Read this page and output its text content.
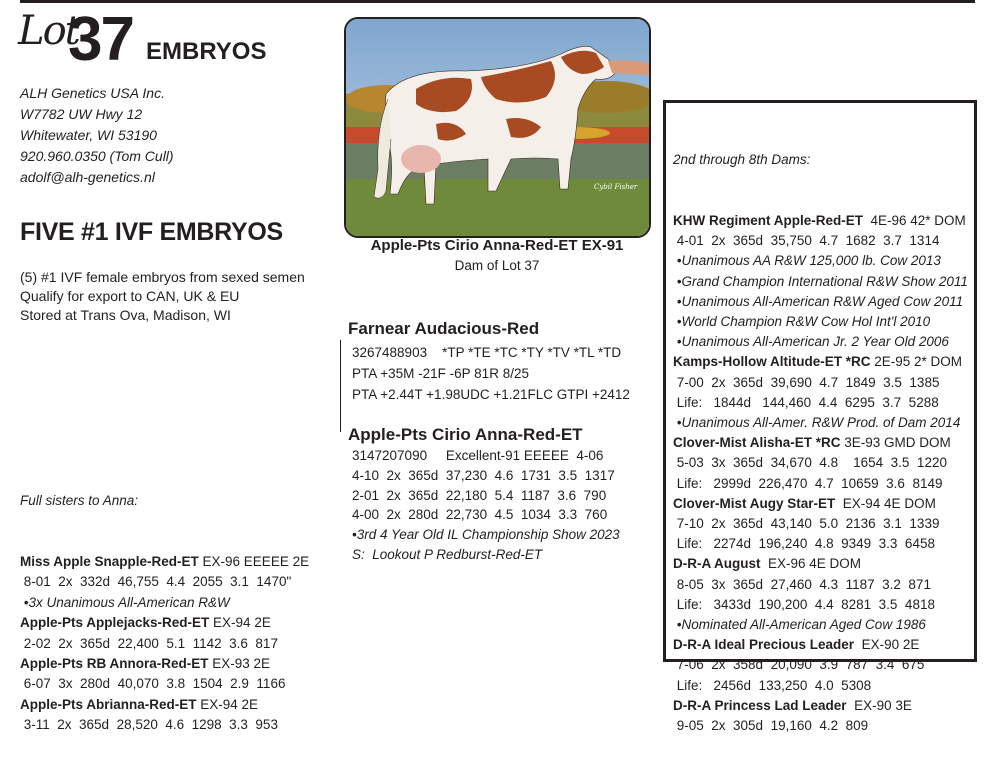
Lot
37 EMBRYOS
ALH Genetics USA Inc.
W7782 UW Hwy 12
Whitewater, WI 53190
920.960.0350 (Tom Cull)
adolf@alh-genetics.nl
FIVE #1 IVF EMBRYOS
(5) #1 IVF female embryos from sexed semen
Qualify for export to CAN, UK & EU
Stored at Trans Ova, Madison, WI
Cybil Fisher
Apple-Pts Cirio Anna-Red-ET EX-91
Dam of Lot 37
Farnear Audacious-Red
3267488903    *TP *TE *TC *TY *TV *TL *TD
PTA +35M -21F -6P 81R 8/25
PTA +2.44T +1.98UDC +1.21FLC GTPI +2412
Apple-Pts Cirio Anna-Red-ET
3147207090     Excellent-91 EEEEE  4-06
4-10  2x  365d  37,230  4.6  1731  3.5  1317
2-01  2x  365d  22,180  5.4  1187  3.6  790
4-00  2x  280d  22,730  4.5  1034  3.3  760
•3rd 4 Year Old IL Championship Show 2023
S:  Lookout P Redburst-Red-ET

Full sisters to Anna:

Miss Apple Snapple-Red-ET EX-96 EEEEE 2E
8-01  2x  332d  46,755  4.4  2055  3.1  1470"
•3x Unanimous All-American R&W
Apple-Pts Applejacks-Red-ET EX-94 2E
2-02  2x  365d  22,400  5.1  1142  3.6  817
Apple-Pts RB Annora-Red-ET EX-93 2E
6-07  3x  280d  40,070  3.8  1504  2.9  1166
Apple-Pts Abrianna-Red-ET EX-94 2E
3-11  2x  365d  28,520  4.6  1298  3.3  953

2nd through 8th Dams:

KHW Regiment Apple-Red-ET  4E-96 42* DOM
4-01  2x  365d  35,750  4.7  1682  3.7  1314
•Unanimous AA R&W 125,000 lb. Cow 2013
•Grand Champion International R&W Show 2011
•Unanimous All-American R&W Aged Cow 2011
•World Champion R&W Cow Hol Int'l 2010
•Unanimous All-American Jr. 2 Year Old 2006
Kamps-Hollow Altitude-ET *RC 2E-95 2* DOM
7-00  2x  365d  39,690  4.7  1849  3.5  1385
Life:   1844d   144,460  4.4  6295  3.7  5288
•Unanimous All-Amer. R&W Prod. of Dam 2014
Clover-Mist Alisha-ET *RC 3E-93 GMD DOM
5-03  3x  365d  34,670  4.8    1654  3.5  1220
Life:   2999d  226,470  4.7  10659  3.6  8149
Clover-Mist Augy Star-ET  EX-94 4E DOM
7-10  2x  365d  43,140  5.0  2136  3.1  1339
Life:   2274d  196,240  4.8  9349  3.3  6458
D-R-A August  EX-96 4E DOM
8-05  3x  365d  27,460  4.3  1187  3.2  871
Life:   3433d  190,200  4.4  8281  3.5  4818
•Nominated All-American Aged Cow 1986
D-R-A Ideal Precious Leader  EX-90 2E
7-06  2x  358d  20,090  3.9  787  3.4  675
Life:   2456d  133,250  4.0  5308
D-R-A Princess Lad Leader  EX-90 3E
9-05  2x  305d  19,160  4.2  809
